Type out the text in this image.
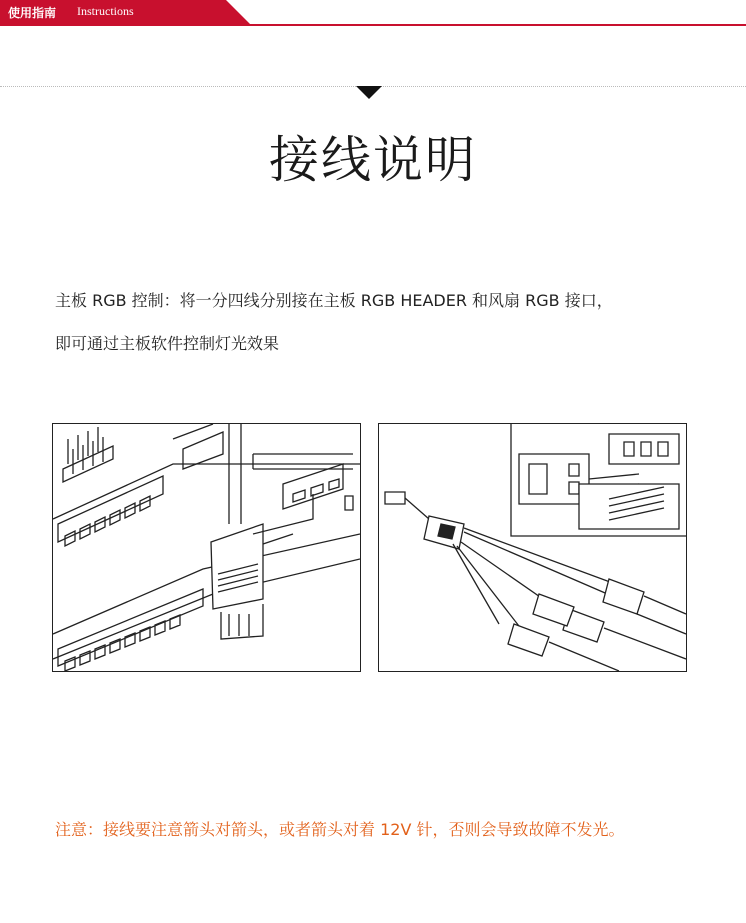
使用指南 Instructions
接线说明
主板 RGB 控制：将一分四线分别接在主板 RGB HEADER 和风扇 RGB 接口，
即可通过主板软件控制灯光效果
注意：接线要注意箭头对箭头，或者箭头对着 12V 针，否则会导致故障不发光。
